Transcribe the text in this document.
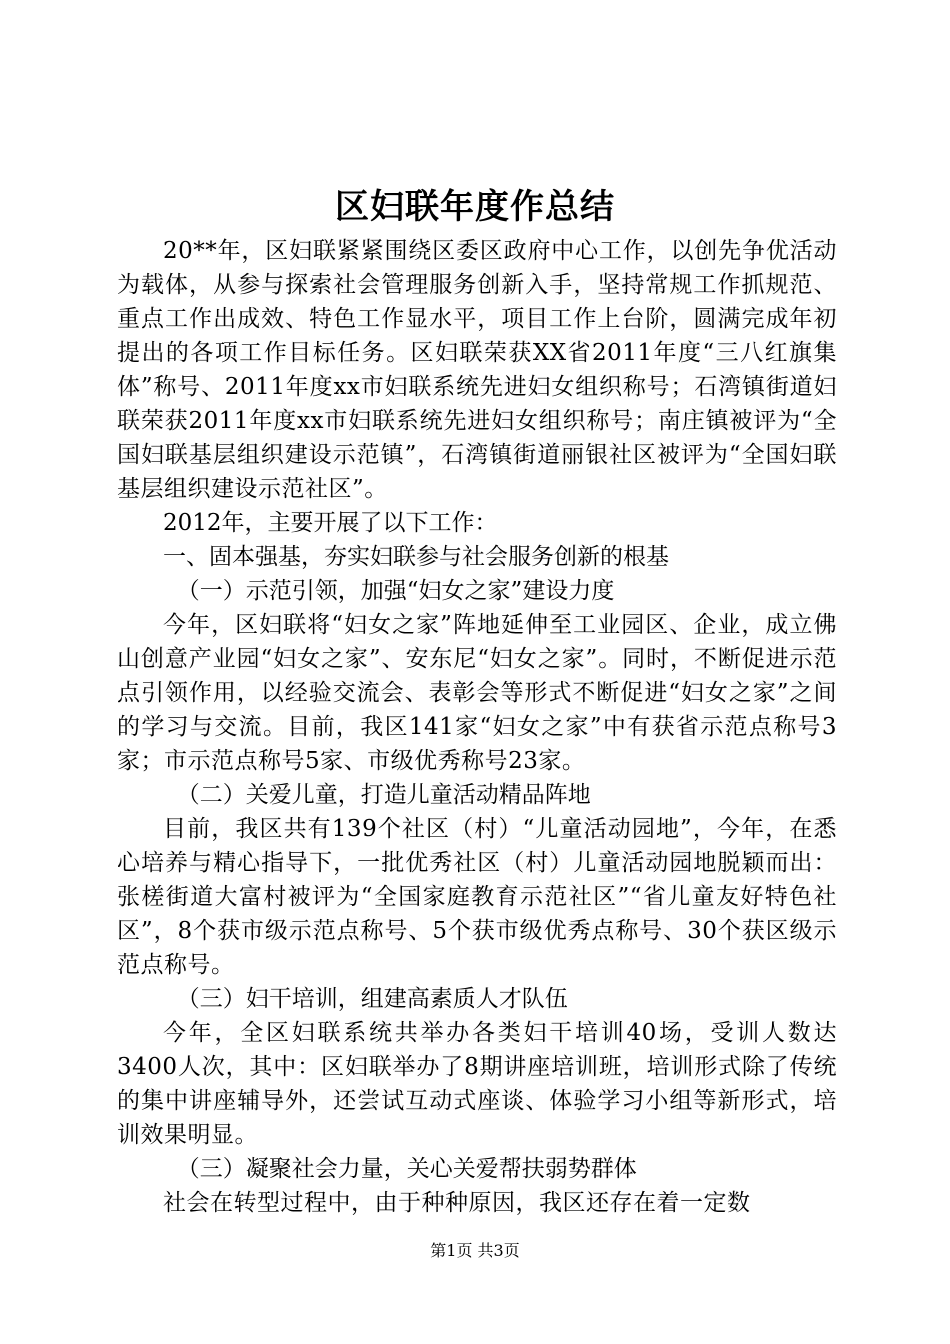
区妇联年度作总结

20**年，区妇联紧紧围绕区委区政府中心工作，以创先争优活动为载体，从参与探索社会管理服务创新入手，坚持常规工作抓规范、重点工作出成效、特色工作显水平，项目工作上台阶，圆满完成年初提出的各项工作目标任务。区妇联荣获XX省2011年度“三八红旗集体”称号、2011年度xx市妇联系统先进妇女组织称号；石湾镇街道妇联荣获2011年度xx市妇联系统先进妇女组织称号；南庄镇被评为“全国妇联基层组织建设示范镇”，石湾镇街道丽银社区被评为“全国妇联基层组织建设示范社区”。

2012年，主要开展了以下工作：

一、固本强基，夯实妇联参与社会服务创新的根基

（一）示范引领，加强“妇女之家”建设力度

今年，区妇联将“妇女之家”阵地延伸至工业园区、企业，成立佛山创意产业园“妇女之家”、安东尼“妇女之家”。同时，不断促进示范点引领作用，以经验交流会、表彰会等形式不断促进“妇女之家”之间的学习与交流。目前，我区141家“妇女之家”中有获省示范点称号3家；市示范点称号5家、市级优秀称号23家。

（二）关爱儿童，打造儿童活动精品阵地

目前，我区共有139个社区（村）“儿童活动园地”，今年，在悉心培养与精心指导下，一批优秀社区（村）儿童活动园地脱颖而出：张槎街道大富村被评为“全国家庭教育示范社区”“省儿童友好特色社区”，8个获市级示范点称号、5个获市级优秀点称号、30个获区级示范点称号。

（三）妇干培训，组建高素质人才队伍

今年，全区妇联系统共举办各类妇干培训40场，受训人数达3400人次，其中：区妇联举办了8期讲座培训班，培训形式除了传统的集中讲座辅导外，还尝试互动式座谈、体验学习小组等新形式，培训效果明显。

（三）凝聚社会力量，关心关爱帮扶弱势群体

社会在转型过程中，由于种种原因，我区还存在着一定数

第1页 共3页
